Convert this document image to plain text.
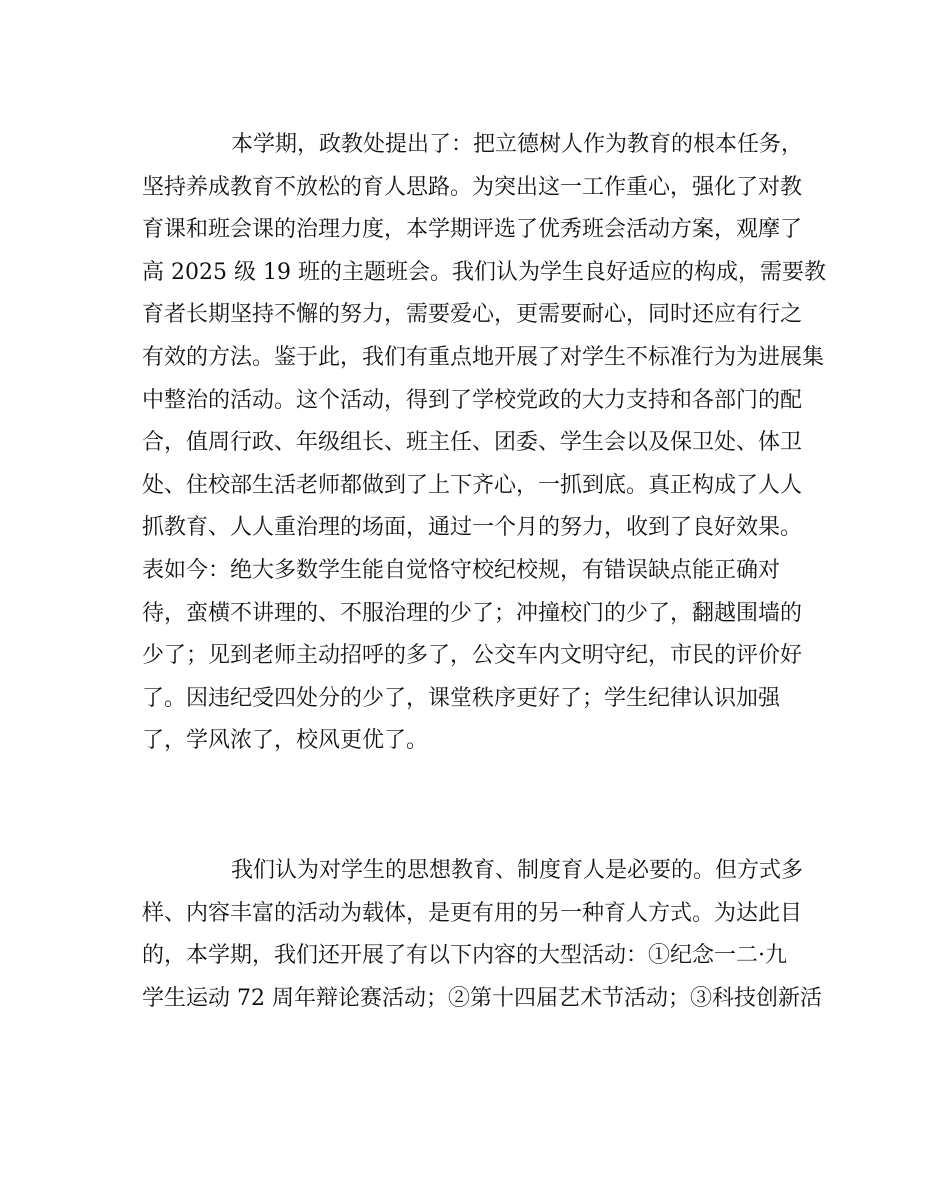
本学期，政教处提出了：把立德树人作为教育的根本任务，
坚持养成教育不放松的育人思路。为突出这一工作重心，强化了对教
育课和班会课的治理力度，本学期评选了优秀班会活动方案，观摩了
高 2025 级 19 班的主题班会。我们认为学生良好适应的构成，需要教
育者长期坚持不懈的努力，需要爱心，更需要耐心，同时还应有行之
有效的方法。鉴于此，我们有重点地开展了对学生不标准行为为进展集
中整治的活动。这个活动，得到了学校党政的大力支持和各部门的配
合，值周行政、年级组长、班主任、团委、学生会以及保卫处、体卫
处、住校部生活老师都做到了上下齐心，一抓到底。真正构成了人人
抓教育、人人重治理的场面，通过一个月的努力，收到了良好效果。
表如今：绝大多数学生能自觉恪守校纪校规，有错误缺点能正确对
待，蛮横不讲理的、不服治理的少了；冲撞校门的少了，翻越围墙的
少了；见到老师主动招呼的多了，公交车内文明守纪，市民的评价好
了。因违纪受四处分的少了，课堂秩序更好了；学生纪律认识加强
了，学风浓了，校风更优了。
我们认为对学生的思想教育、制度育人是必要的。但方式多
样、内容丰富的活动为载体，是更有用的另一种育人方式。为达此目
的，本学期，我们还开展了有以下内容的大型活动：①纪念一二·九
学生运动 72 周年辩论赛活动；②第十四届艺术节活动；③科技创新活
